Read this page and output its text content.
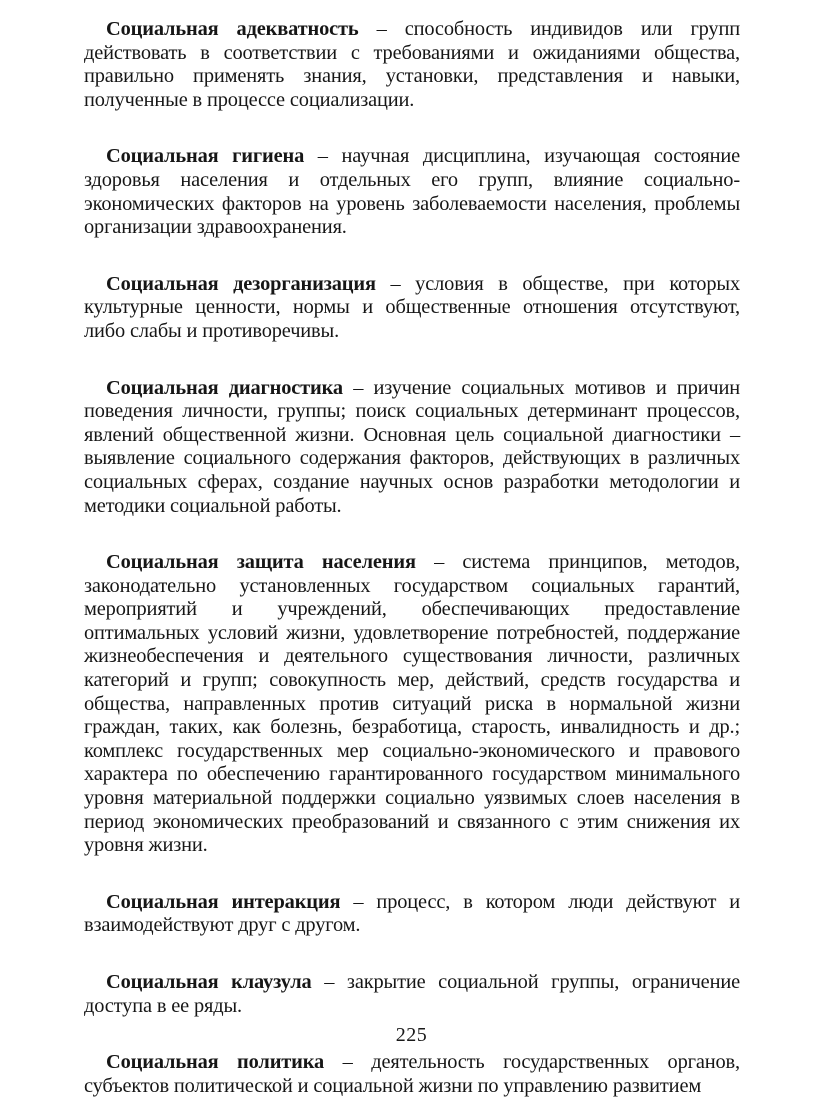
Социальная адекватность – способность индивидов или групп действовать в соответствии с требованиями и ожиданиями общества, правильно применять знания, установки, представления и навыки, полученные в процессе социализации.

Социальная гигиена – научная дисциплина, изучающая состояние здоровья населения и отдельных его групп, влияние социально-экономических факторов на уровень заболеваемости населения, проблемы организации здравоохранения.

Социальная дезорганизация – условия в обществе, при которых культурные ценности, нормы и общественные отношения отсутствуют, либо слабы и противоречивы.

Социальная диагностика – изучение социальных мотивов и причин поведения личности, группы; поиск социальных детерминант процессов, явлений общественной жизни. Основная цель социальной диагностики – выявление социального содержания факторов, действующих в различных социальных сферах, создание научных основ разработки методологии и методики социальной работы.

Социальная защита населения – система принципов, методов, законодательно установленных государством социальных гарантий, мероприятий и учреждений, обеспечивающих предоставление оптимальных условий жизни, удовлетворение потребностей, поддержание жизнеобеспечения и деятельного существования личности, различных категорий и групп; совокупность мер, действий, средств государства и общества, направленных против ситуаций риска в нормальной жизни граждан, таких, как болезнь, безработица, старость, инвалидность и др.; комплекс государственных мер социально-экономического и правового характера по обеспечению гарантированного государством минимального уровня материальной поддержки социально уязвимых слоев населения в период экономических преобразований и связанного с этим снижения их уровня жизни.

Социальная интеракция – процесс, в котором люди действуют и взаимодействуют друг с другом.

Социальная клаузула – закрытие социальной группы, ограничение доступа в ее ряды.

Социальная политика – деятельность государственных органов, субъектов политической и социальной жизни по управлению развитием

225
